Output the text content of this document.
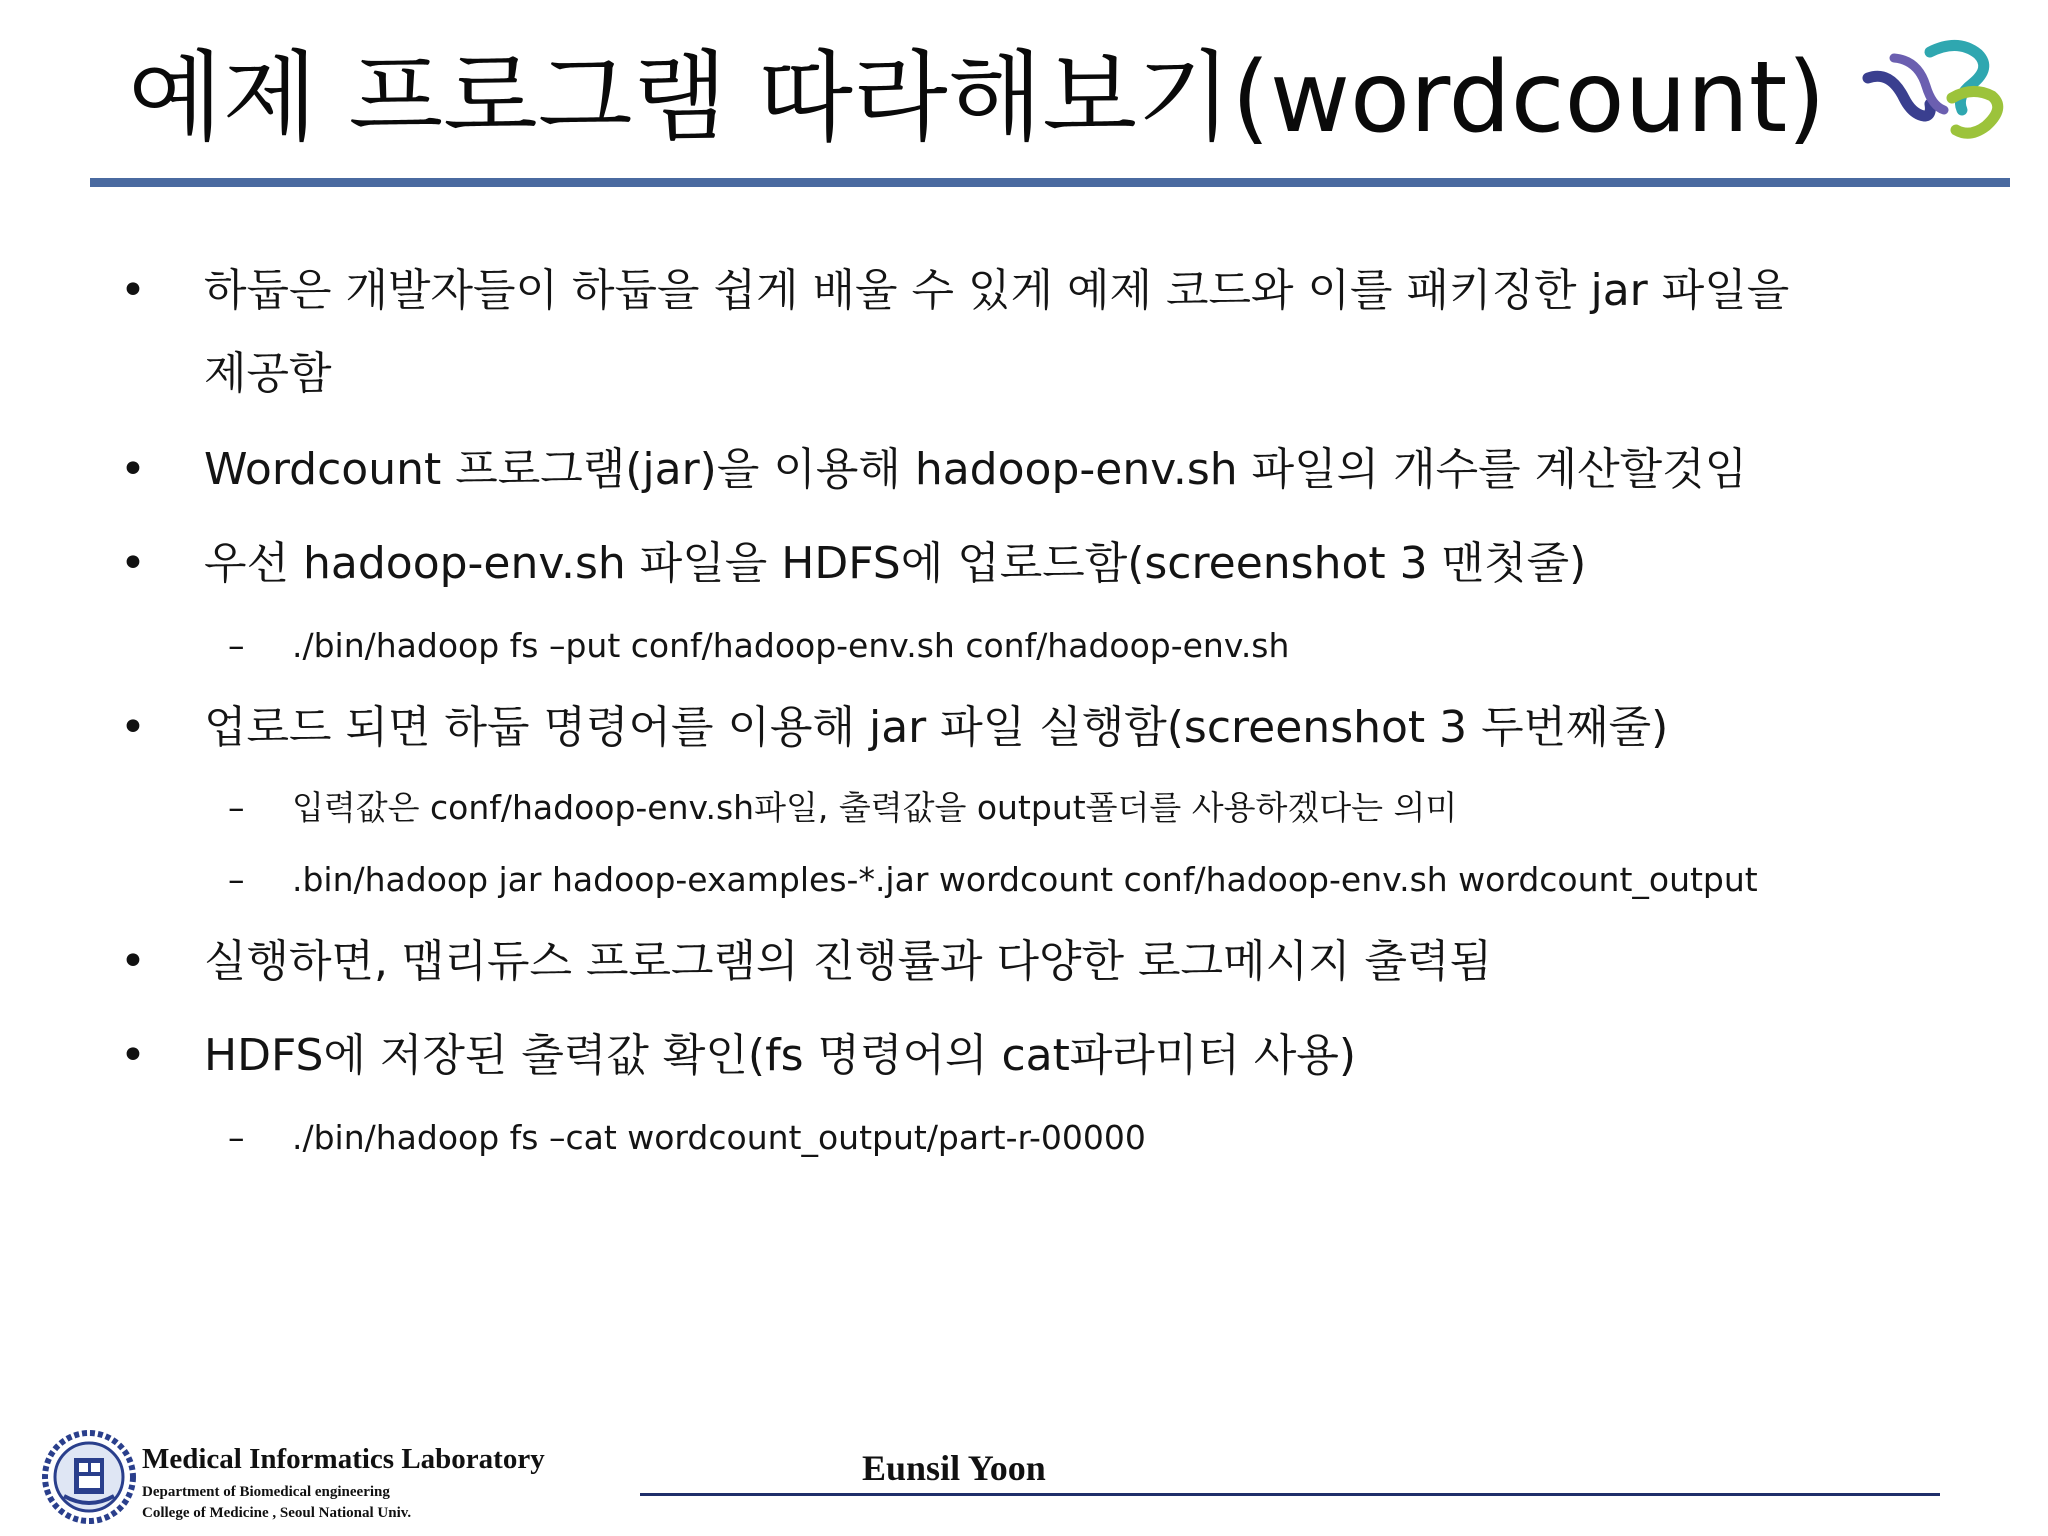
예제 프로그램 따라해보기(wordcount)
•	하둡은 개발자들이 하둡을 쉽게 배울 수 있게 예제 코드와 이를 패키징한 jar 파일을
제공함
•	Wordcount 프로그램(jar)을 이용해 hadoop-env.sh 파일의 개수를 계산할것임
•	우선 hadoop-env.sh 파일을 HDFS에 업로드함(screenshot 3 맨첫줄)
–	./bin/hadoop fs –put conf/hadoop-env.sh conf/hadoop-env.sh
•	업로드 되면 하둡 명령어를 이용해 jar 파일 실행함(screenshot 3 두번째줄)
–	입력값은 conf/hadoop-env.sh파일, 출력값을 output폴더를 사용하겠다는 의미
–	.bin/hadoop jar hadoop-examples-*.jar wordcount conf/hadoop-env.sh wordcount_output
•	실행하면, 맵리듀스 프로그램의 진행률과 다양한 로그메시지 출력됨
•	HDFS에 저장된 출력값 확인(fs 명령어의 cat파라미터 사용)
–	./bin/hadoop fs –cat wordcount_output/part-r-00000
Medical Informatics Laboratory
Department of Biomedical engineering
College of Medicine , Seoul National Univ.
Eunsil Yoon
